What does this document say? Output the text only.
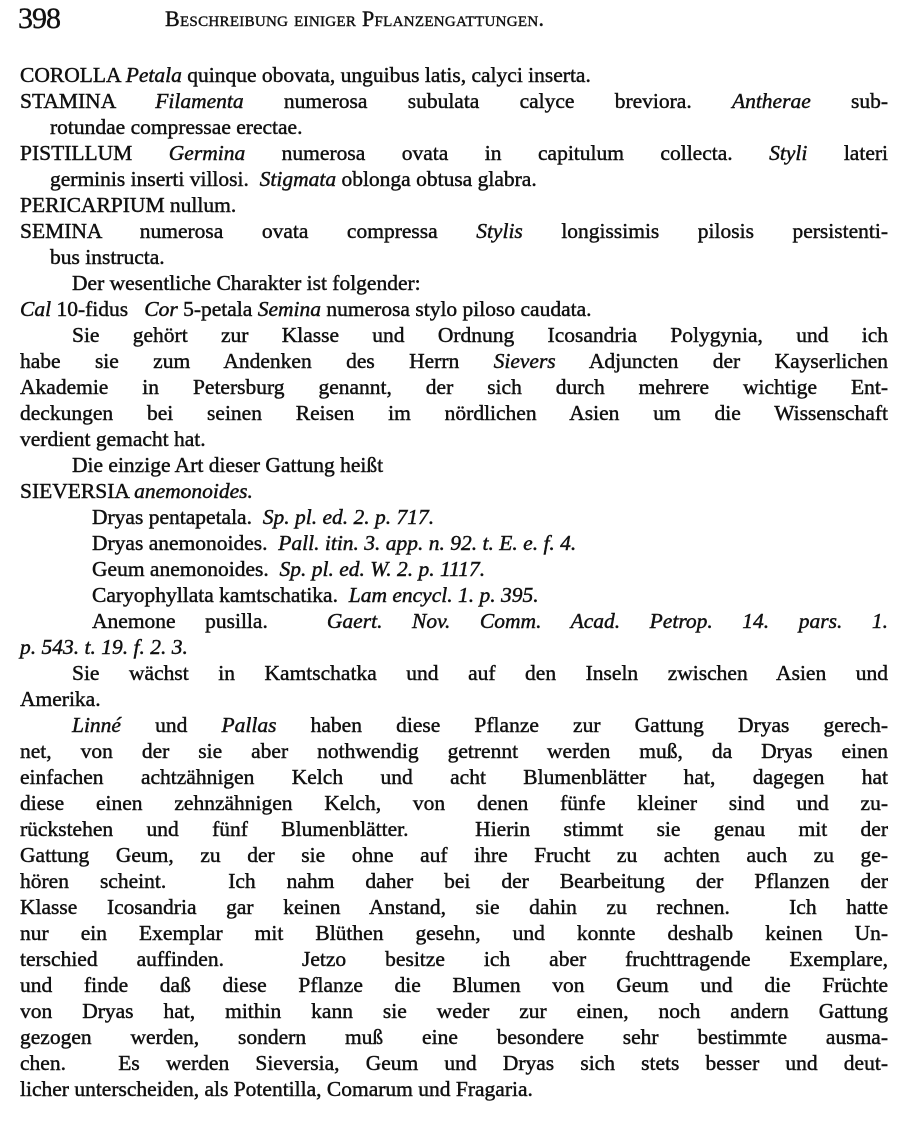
398	Beschreibung einiger Pflanzengattungen.
COROLLA Petala quinque obovata, unguibus latis, calyci inserta.
STAMINA Filamenta numerosa subulata calyce breviora. Antherae sub-
rotundae compressae erectae.
PISTILLUM Germina numerosa ovata in capitulum collecta. Styli lateri
germinis inserti villosi.  Stigmata oblonga obtusa glabra.
PERICARPIUM nullum.
SEMINA numerosa ovata compressa Stylis longissimis pilosis persistenti-
bus instructa.
Der wesentliche Charakter ist folgender:
Cal 10-fidus   Cor 5-petala Semina numerosa stylo piloso caudata.
Sie gehört zur Klasse und Ordnung Icosandria Polygynia, und ich
habe sie zum Andenken des Herrn Sievers Adjuncten der Kayserlichen
Akademie in Petersburg genannt, der sich durch mehrere wichtige Ent-
deckungen bei seinen Reisen im nördlichen Asien um die Wissenschaft
verdient gemacht hat.
Die einzige Art dieser Gattung heißt
SIEVERSIA anemonoides.
Dryas pentapetala.  Sp. pl. ed. 2. p. 717.
Dryas anemonoides.  Pall. itin. 3. app. n. 92. t. E. e. f. 4.
Geum anemonoides.  Sp. pl. ed. W. 2. p. 1117.
Caryophyllata kamtschatika.  Lam encycl. 1. p. 395.
Anemone pusilla.  Gaert. Nov. Comm. Acad. Petrop. 14. pars. 1.
p. 543. t. 19. f. 2. 3.
Sie wächst in Kamtschatka und auf den Inseln zwischen Asien und
Amerika.
Linné und Pallas haben diese Pflanze zur Gattung Dryas gerech-
net, von der sie aber nothwendig getrennt werden muß, da Dryas einen
einfachen achtzähnigen Kelch und acht Blumenblätter hat, dagegen hat
diese einen zehnzähnigen Kelch, von denen fünfe kleiner sind und zu-
rückstehen und fünf Blumenblätter.  Hierin stimmt sie genau mit der
Gattung Geum, zu der sie ohne auf ihre Frucht zu achten auch zu ge-
hören scheint.  Ich nahm daher bei der Bearbeitung der Pflanzen der
Klasse Icosandria gar keinen Anstand, sie dahin zu rechnen.  Ich hatte
nur ein Exemplar mit Blüthen gesehn, und konnte deshalb keinen Un-
terschied auffinden.  Jetzo besitze ich aber fruchttragende Exemplare,
und finde daß diese Pflanze die Blumen von Geum und die Früchte
von Dryas hat, mithin kann sie weder zur einen, noch andern Gattung
gezogen werden, sondern muß eine besondere sehr bestimmte ausma-
chen.  Es werden Sieversia, Geum und Dryas sich stets besser und deut-
licher unterscheiden, als Potentilla, Comarum und Fragaria.
